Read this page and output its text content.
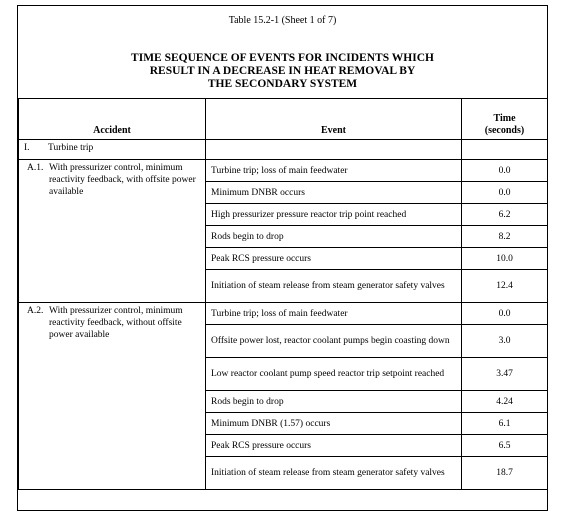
Table 15.2-1 (Sheet 1 of 7)
TIME SEQUENCE OF EVENTS FOR INCIDENTS WHICH
RESULT IN A DECREASE IN HEAT REMOVAL BY
THE SECONDARY SYSTEM
Accident	Event	Time
(seconds)

I. Turbine trip		

A.1. With pressurizer control, minimum reactivity feedback, with offsite power available	Turbine trip; loss of main feedwater	0.0
	Minimum DNBR occurs	0.0
	High pressurizer pressure reactor trip point reached	6.2
	Rods begin to drop	8.2
	Peak RCS pressure occurs	10.0
	Initiation of steam release from steam generator safety valves	12.4

A.2. With pressurizer control, minimum reactivity feedback, without offsite power available	Turbine trip; loss of main feedwater	0.0
	Offsite power lost, reactor coolant pumps begin coasting down	3.0
	Low reactor coolant pump speed reactor trip setpoint reached	3.47
	Rods begin to drop	4.24
	Minimum DNBR (1.57) occurs	6.1
	Peak RCS pressure occurs	6.5
	Initiation of steam release from steam generator safety valves	18.7
